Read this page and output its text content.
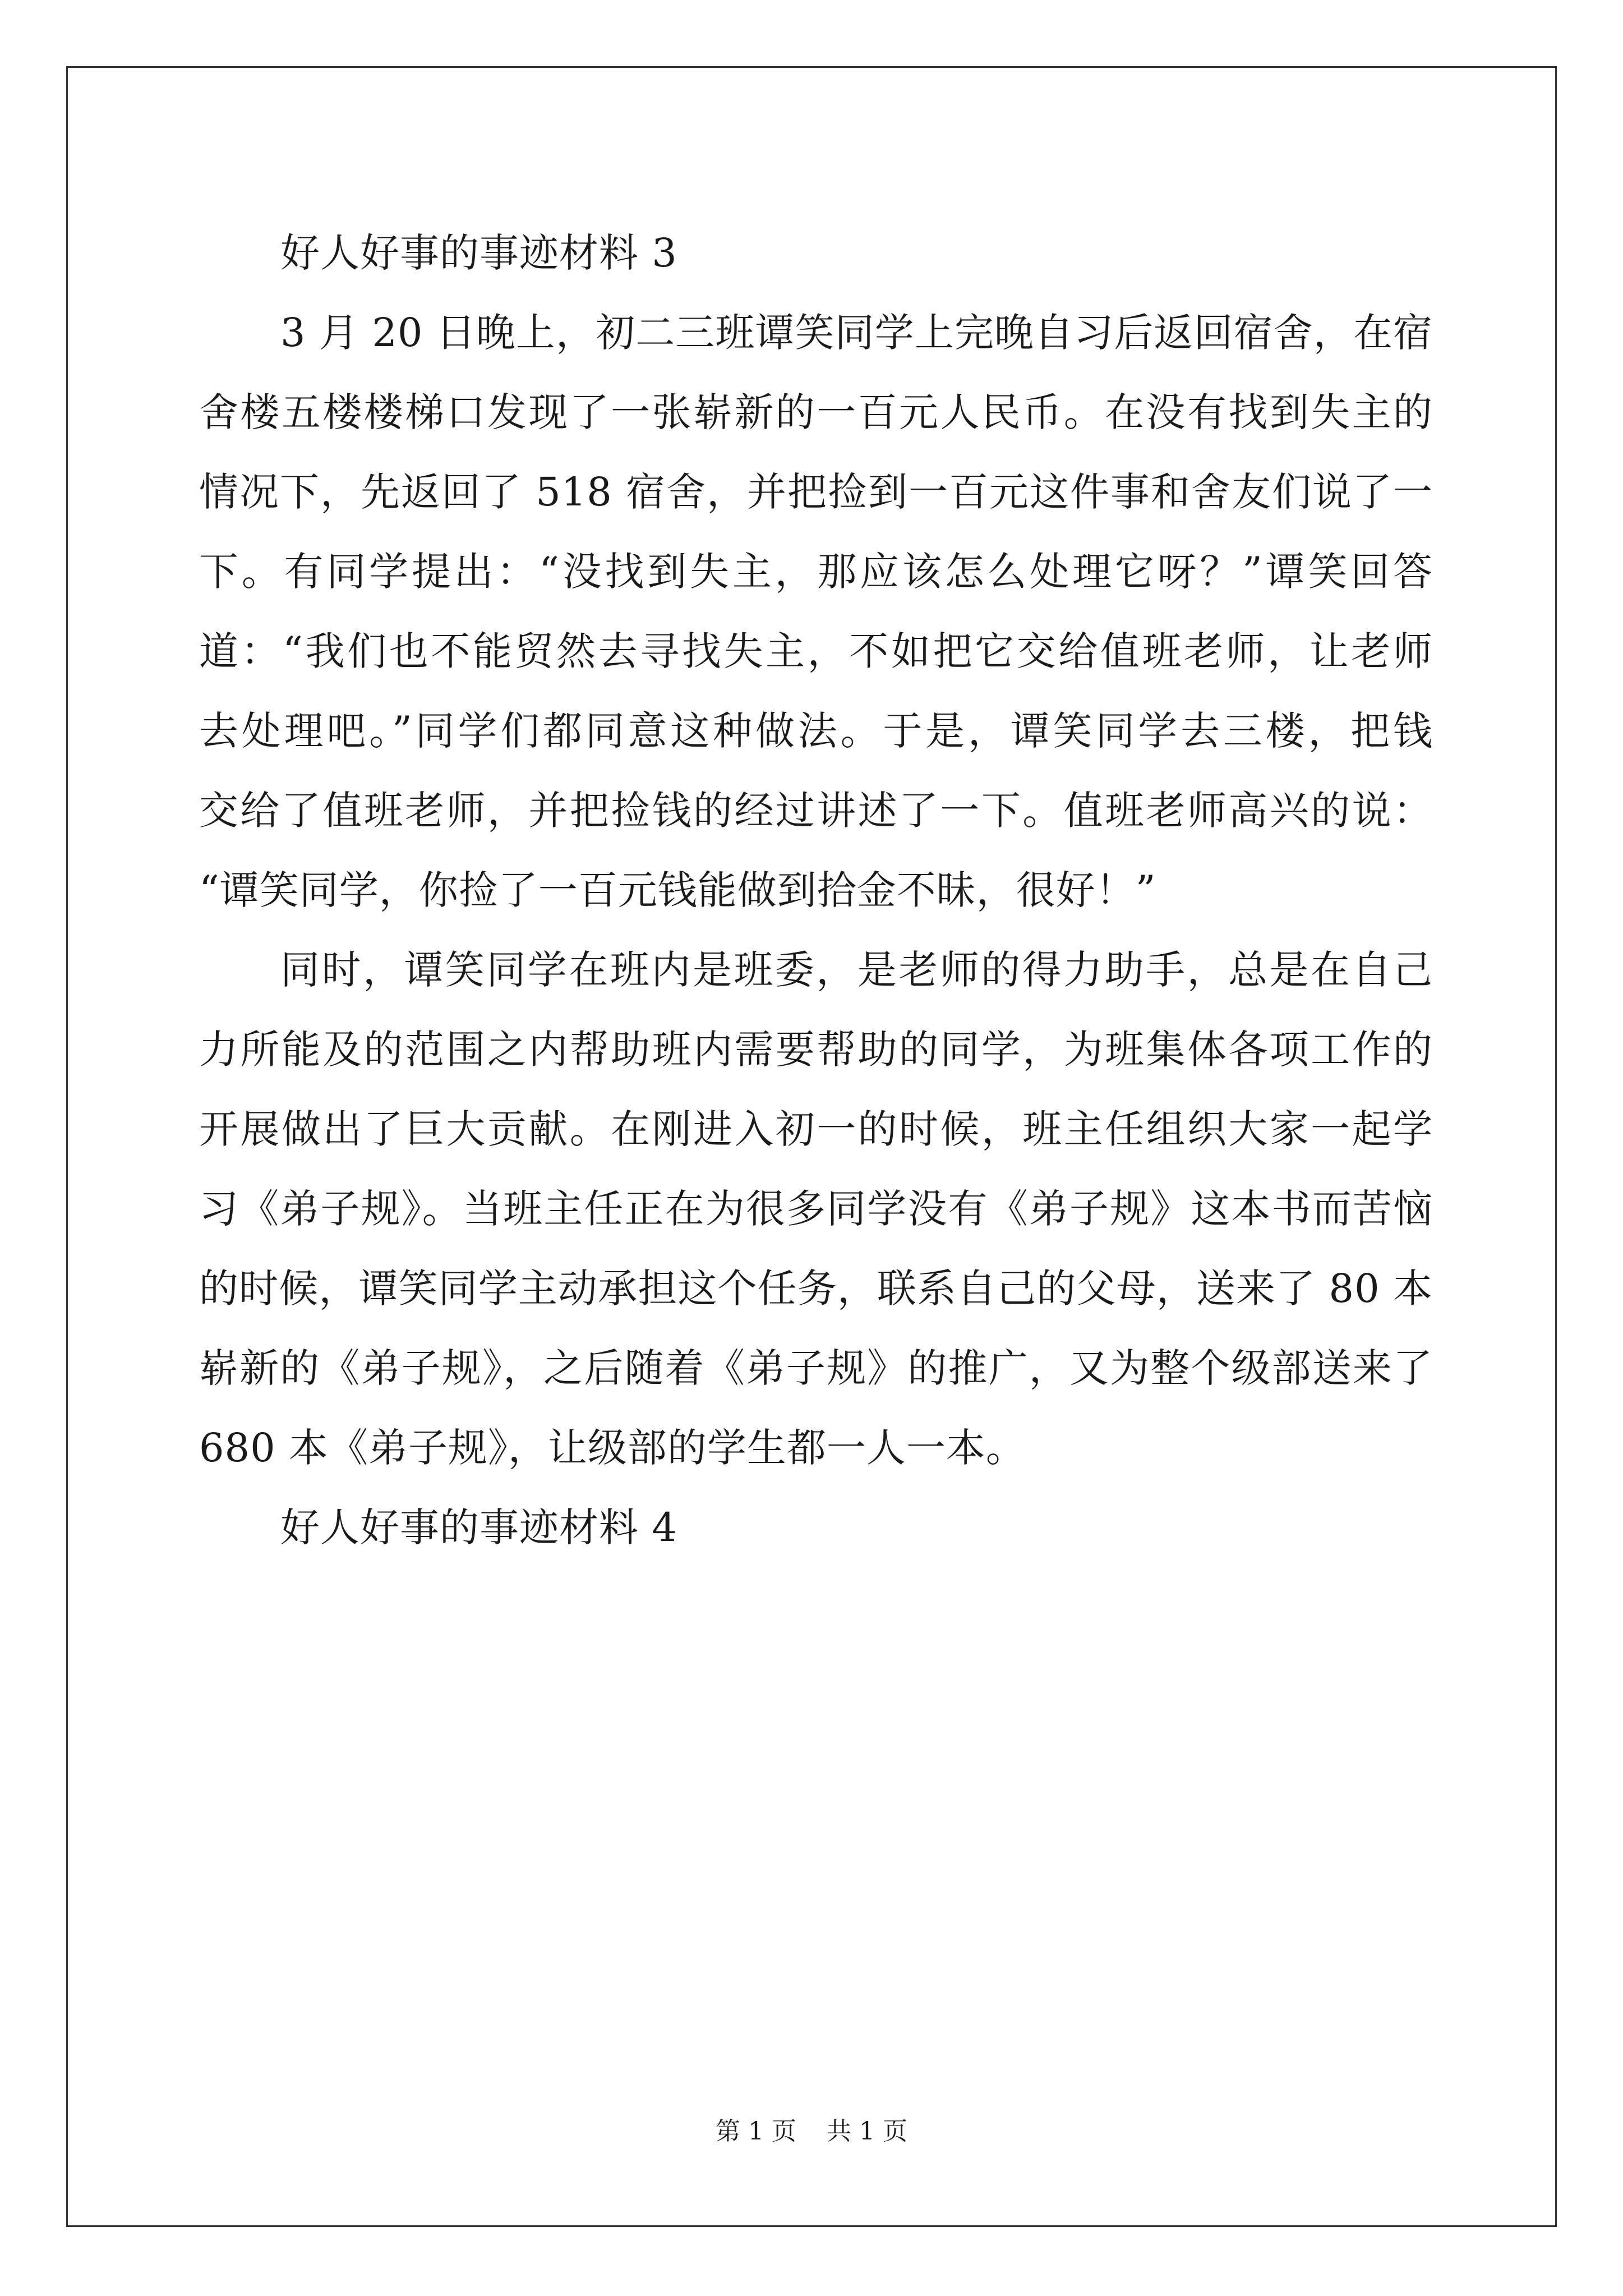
好人好事的事迹材料 3
3 月 20 日晚上，初二三班谭笑同学上完晚自习后返回宿舍，在宿
舍楼五楼楼梯口发现了一张崭新的一百元人民币。在没有找到失主的
情况下，先返回了 518 宿舍，并把捡到一百元这件事和舍友们说了一
下。有同学提出：“没找到失主，那应该怎么处理它呀？”谭笑回答
道：“我们也不能贸然去寻找失主，不如把它交给值班老师，让老师
去处理吧。”同学们都同意这种做法。于是，谭笑同学去三楼，把钱
交给了值班老师，并把捡钱的经过讲述了一下。值班老师高兴的说：
“谭笑同学，你捡了一百元钱能做到拾金不昧，很好！”
同时，谭笑同学在班内是班委，是老师的得力助手，总是在自己
力所能及的范围之内帮助班内需要帮助的同学，为班集体各项工作的
开展做出了巨大贡献。在刚进入初一的时候，班主任组织大家一起学
习《弟子规》。当班主任正在为很多同学没有《弟子规》这本书而苦恼
的时候，谭笑同学主动承担这个任务，联系自己的父母，送来了 80 本
崭新的《弟子规》，之后随着《弟子规》的推广，又为整个级部送来了
680 本《弟子规》，让级部的学生都一人一本。
好人好事的事迹材料 4
第 1 页 共 1 页
